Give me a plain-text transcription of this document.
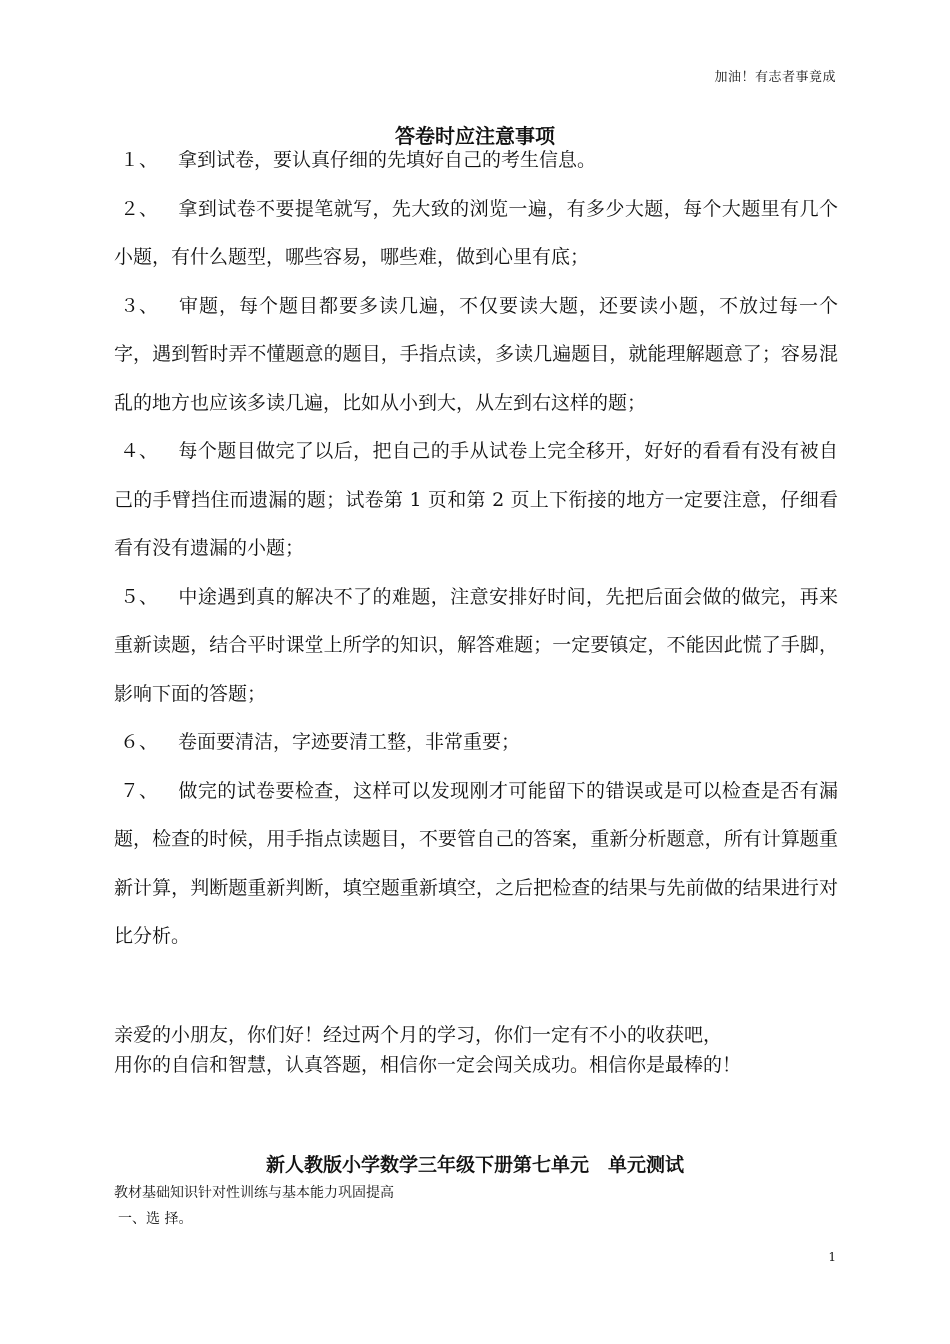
加油！有志者事竟成
答卷时应注意事项

１、 拿到试卷，要认真仔细的先填好自己的考生信息。

２、 拿到试卷不要提笔就写，先大致的浏览一遍，有多少大题，每个大题里有几个小题，有什么题型，哪些容易，哪些难，做到心里有底；

３、 审题，每个题目都要多读几遍，不仅要读大题，还要读小题，不放过每一个字，遇到暂时弄不懂题意的题目，手指点读，多读几遍题目，就能理解题意了；容易混乱的地方也应该多读几遍，比如从小到大，从左到右这样的题；

４、 每个题目做完了以后，把自己的手从试卷上完全移开，好好的看看有没有被自己的手臂挡住而遗漏的题；试卷第 1 页和第 2 页上下衔接的地方一定要注意，仔细看看有没有遗漏的小题；

５、 中途遇到真的解决不了的难题，注意安排好时间，先把后面会做的做完，再来重新读题，结合平时课堂上所学的知识，解答难题；一定要镇定，不能因此慌了手脚，影响下面的答题；

６、 卷面要清洁，字迹要清工整，非常重要；

７、 做完的试卷要检查，这样可以发现刚才可能留下的错误或是可以检查是否有漏题，检查的时候，用手指点读题目，不要管自己的答案，重新分析题意，所有计算题重新计算，判断题重新判断，填空题重新填空，之后把检查的结果与先前做的结果进行对比分析。

亲爱的小朋友，你们好！经过两个月的学习，你们一定有不小的收获吧，

用你的自信和智慧，认真答题，相信你一定会闯关成功。相信你是最棒的！

新人教版小学数学三年级下册第七单元　单元测试
教材基础知识针对性训练与基本能力巩固提高
一、选 择。
1
